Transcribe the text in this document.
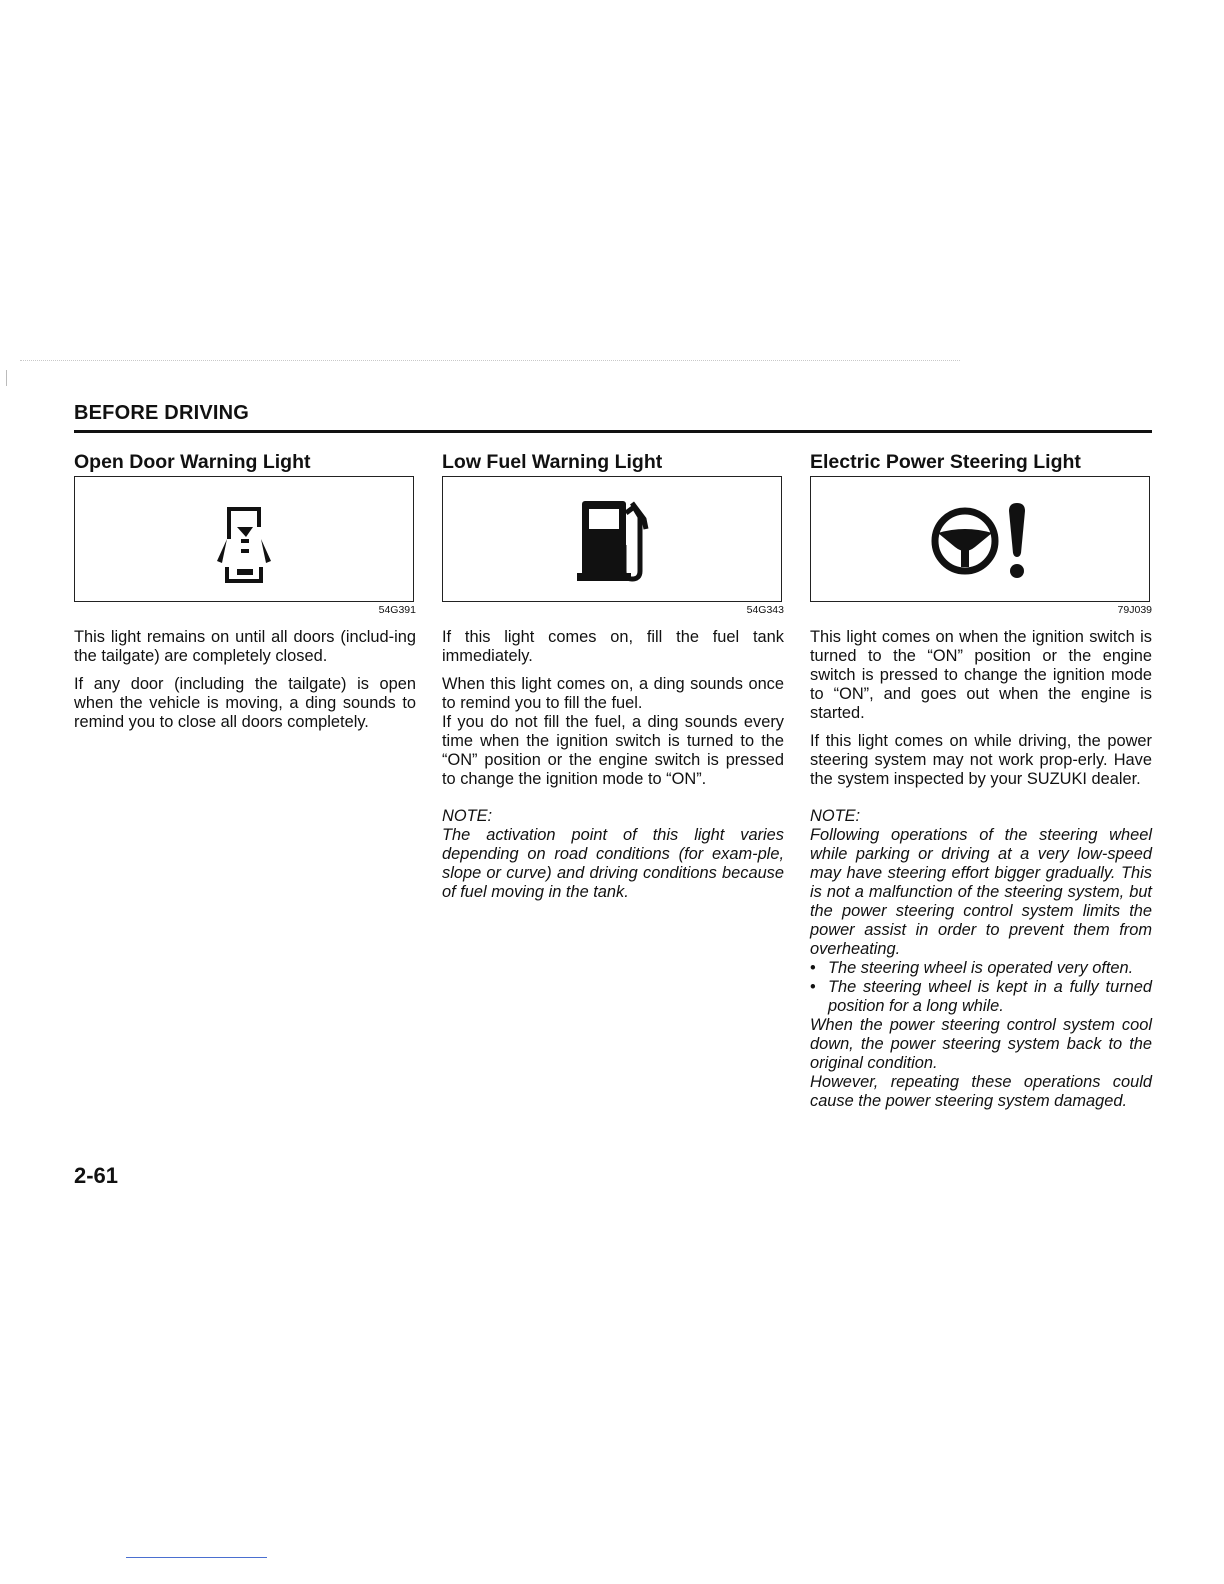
BEFORE DRIVING
Open Door Warning Light
54G391

This light remains on until all doors (includ-ing the tailgate) are completely closed.

If any door (including the tailgate) is open when the vehicle is moving, a ding sounds to remind you to close all doors completely.

Low Fuel Warning Light
54G343

If this light comes on, fill the fuel tank immediately.

When this light comes on, a ding sounds once to remind you to fill the fuel.

If you do not fill the fuel, a ding sounds every time when the ignition switch is turned to the “ON” position or the engine switch is pressed to change the ignition mode to “ON”.

NOTE:

The activation point of this light varies depending on road conditions (for exam-ple, slope or curve) and driving conditions because of fuel moving in the tank.

Electric Power Steering Light
79J039

This light comes on when the ignition switch is turned to the “ON” position or the engine switch is pressed to change the ignition mode to “ON”, and goes out when the engine is started.

If this light comes on while driving, the power steering system may not work prop-erly. Have the system inspected by your SUZUKI dealer.

NOTE:

Following operations of the steering wheel while parking or driving at a very low-speed may have steering effort bigger gradually. This is not a malfunction of the steering system, but the power steering control system limits the power assist in order to prevent them from overheating.

• The steering wheel is operated very often.
• The steering wheel is kept in a fully turned position for a long while.

When the power steering control system cool down, the power steering system back to the original condition.

However, repeating these operations could cause the power steering system damaged.

2-61
